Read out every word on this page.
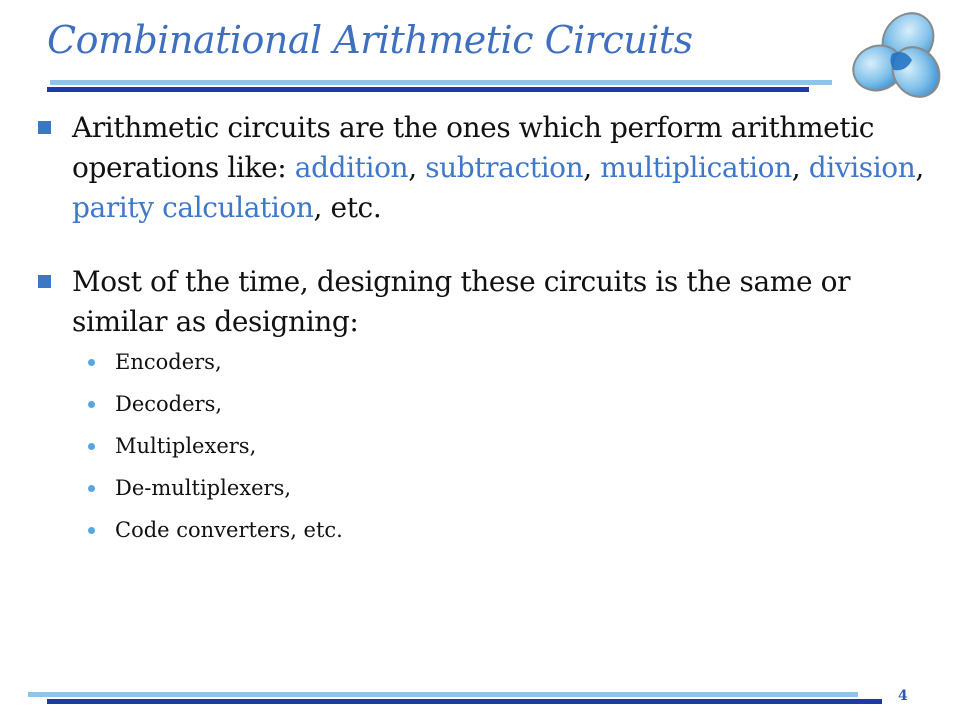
Combinational Arithmetic Circuits
Arithmetic circuits are the ones which perform arithmetic operations like: addition, subtraction, multiplication, division, parity calculation, etc.
Most of the time, designing these circuits is the same or similar as designing:
Encoders,
Decoders,
Multiplexers,
De-multiplexers,
Code converters, etc.
4
